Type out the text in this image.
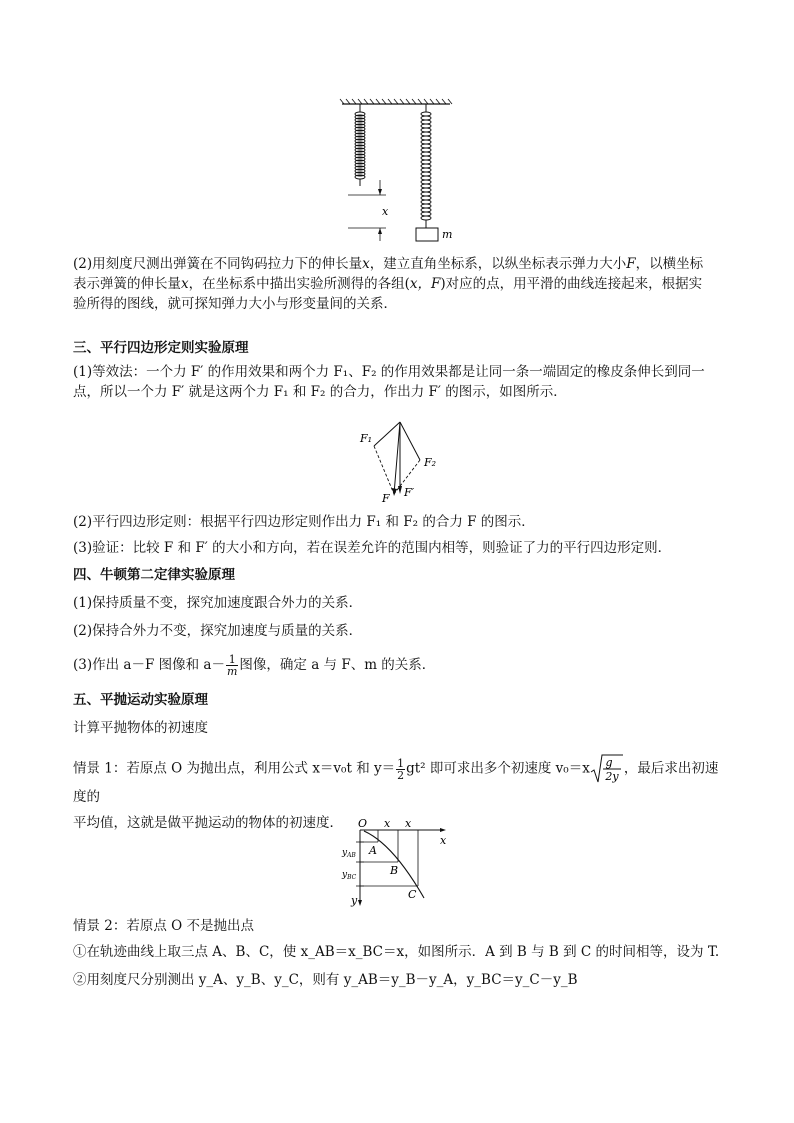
x
m

(2)用刻度尺测出弹簧在不同钩码拉力下的伸长量x，建立直角坐标系，以纵坐标表示弹力大小F，以横坐标
表示弹簧的伸长量x，在坐标系中描出实验所测得的各组(x，F)对应的点，用平滑的曲线连接起来，根据实
验所得的图线，就可探知弹力大小与形变量间的关系．

三、平行四边形定则实验原理

(1)等效法：一个力 F′ 的作用效果和两个力 F₁、F₂ 的作用效果都是让同一条一端固定的橡皮条伸长到同一
点，所以一个力 F′ 就是这两个力 F₁ 和 F₂ 的合力，作出力 F′ 的图示，如图所示．

F₁
F₂
F F′

(2)平行四边形定则：根据平行四边形定则作出力 F₁ 和 F₂ 的合力 F 的图示．

(3)验证：比较 F 和 F′ 的大小和方向，若在误差允许的范围内相等，则验证了力的平行四边形定则．

四、牛顿第二定律实验原理

(1)保持质量不变，探究加速度跟合外力的关系．

(2)保持合外力不变，探究加速度与质量的关系．

(3)作出 a－F 图像和 $a- \frac{1}{m}$ 图像，确定 a 与 F、m 的关系．

五、平抛运动实验原理

计算平抛物体的初速度

情景 1：若原点 O 为抛出点，利用公式 x＝v₀t 和 $y= \frac{1}{2} gt^2$ 即可求出多个初速度 v₀＝x g
2y ，最后求出初速度的
平均值，这就是做平抛运动的物体的初速度．	O x x
x
y
A
B
C
$y_{AB}$
$y_{BC}$

情景 2：若原点 O 不是抛出点

①在轨迹曲线上取三点 A、B、C，使 x_AB＝x_BC＝x，如图所示．A 到 B 与 B 到 C 的时间相等，设为 T.

②用刻度尺分别测出 y_A、y_B、y_C，则有 y_AB＝y_B－y_A，y_BC＝y_C－y_B
